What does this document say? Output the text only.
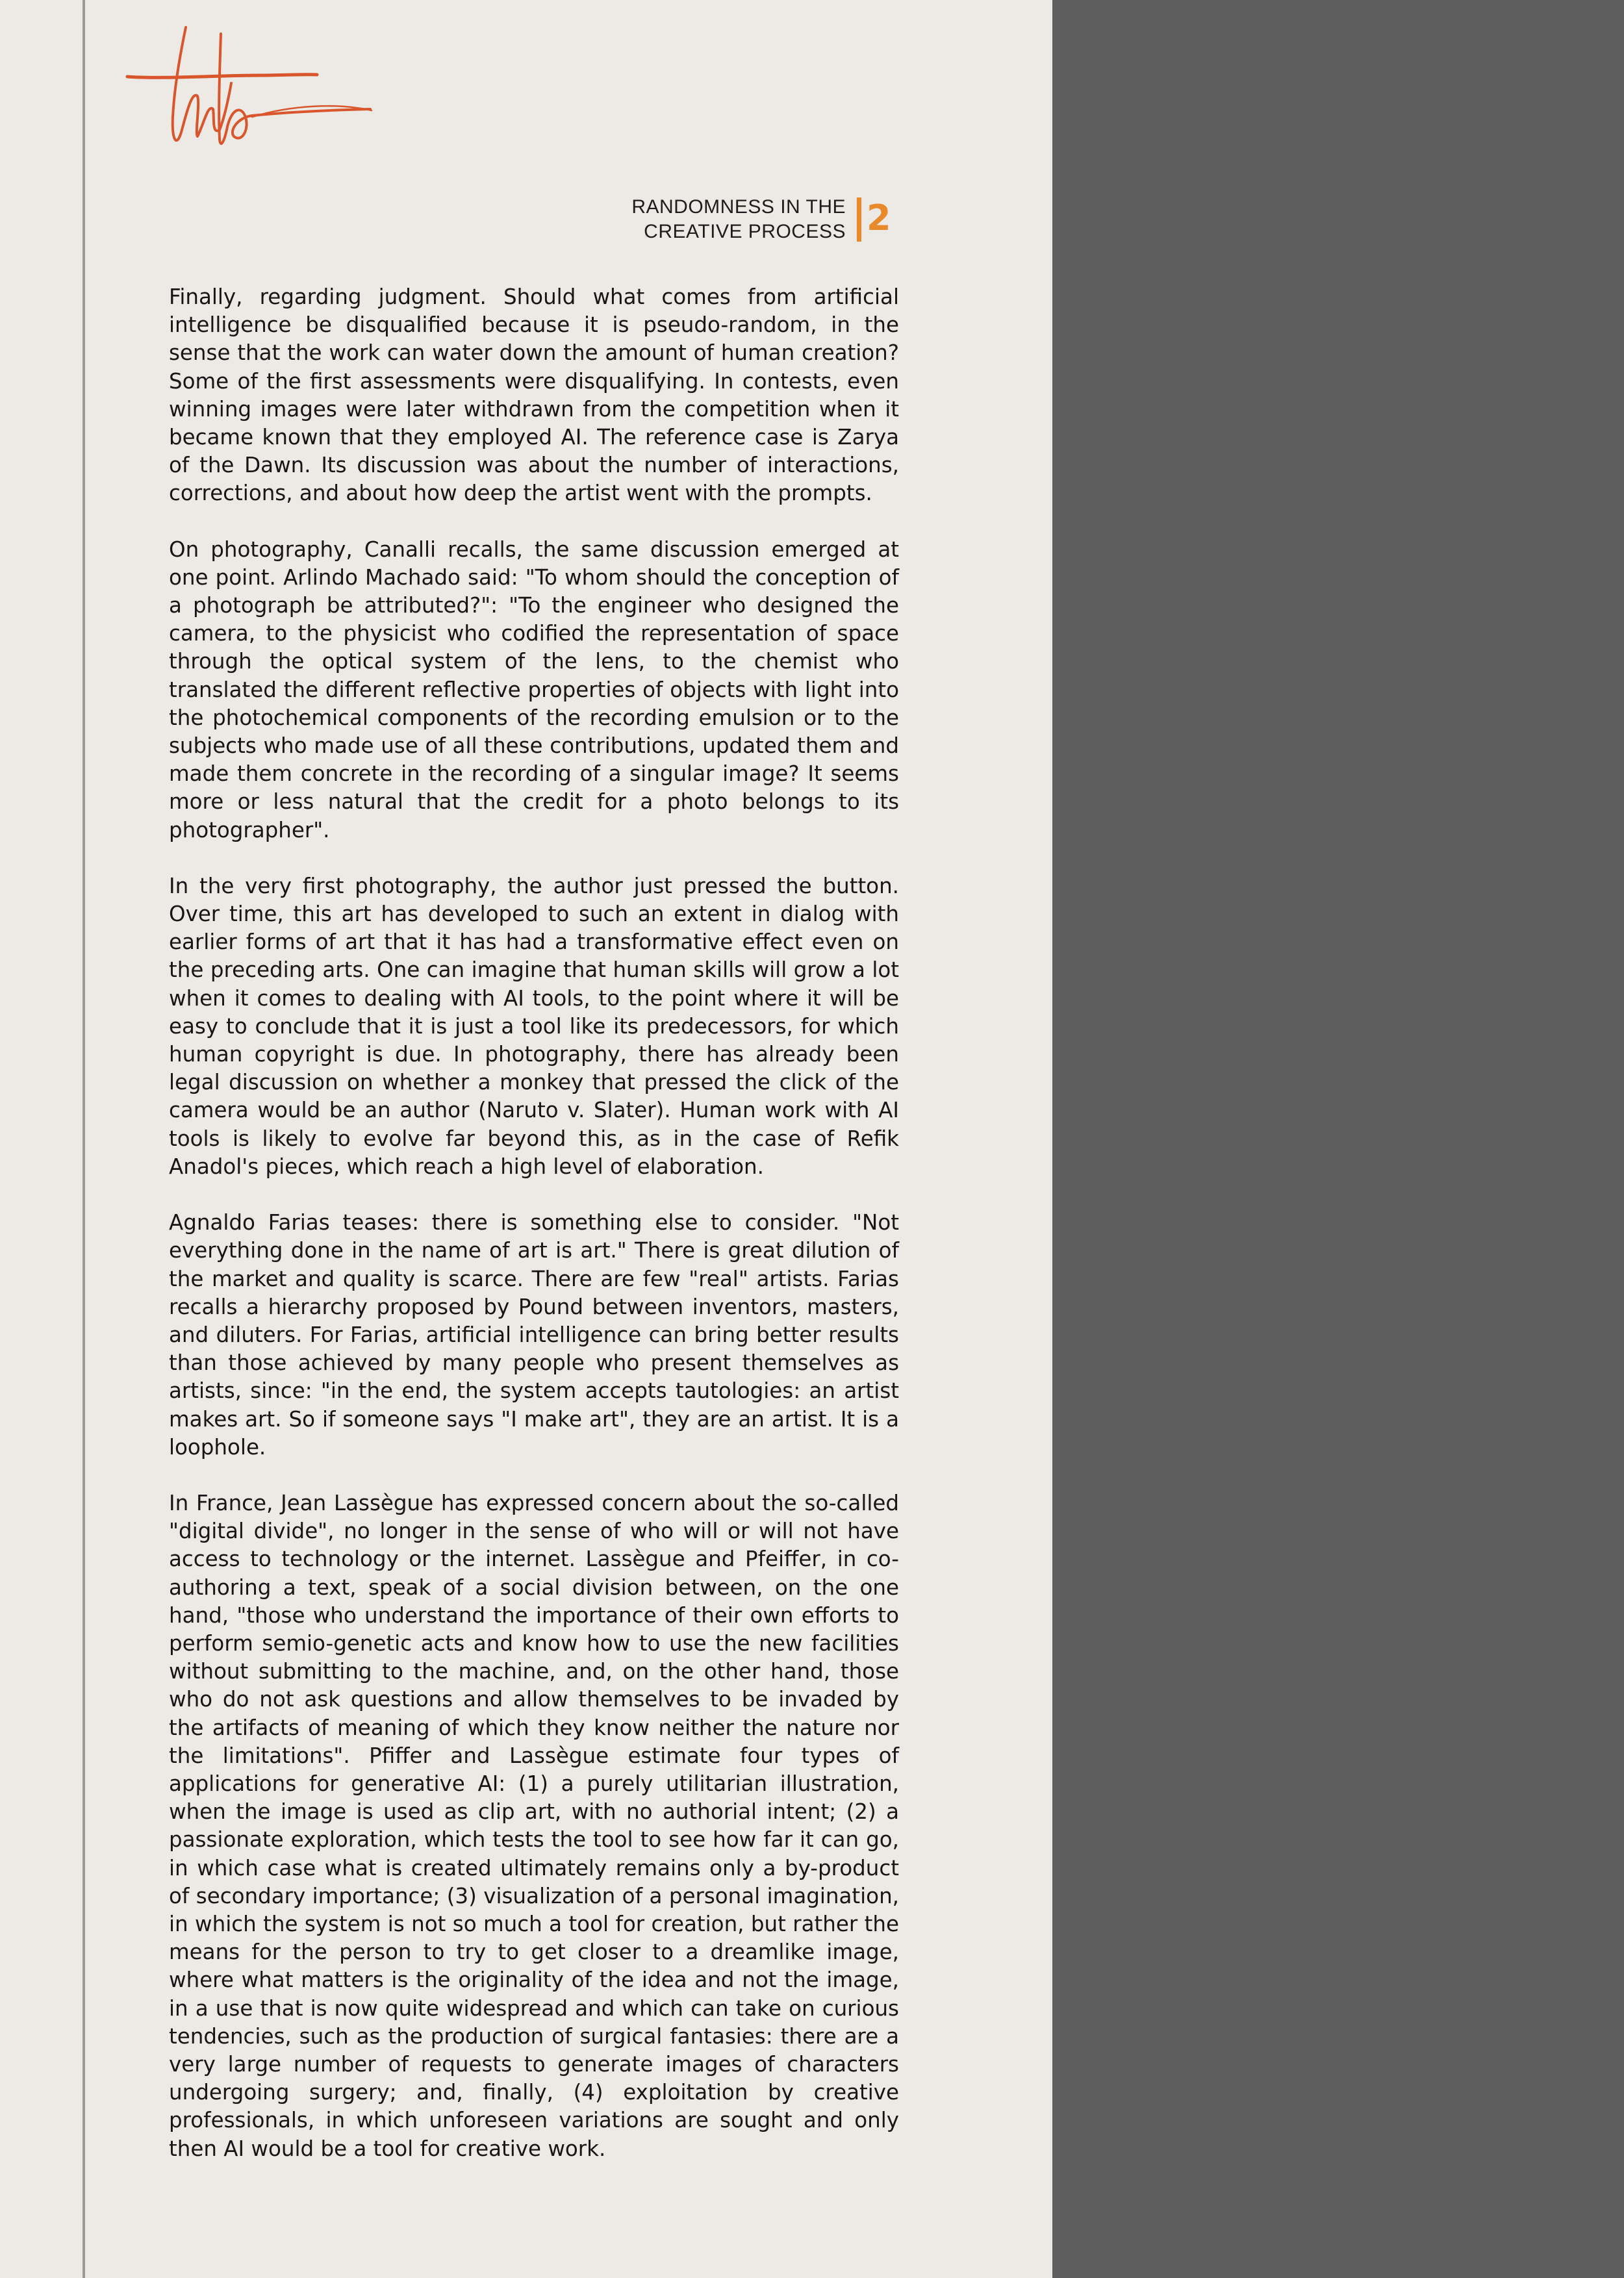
RANDOMNESS IN THE
CREATIVE PROCESS 2

Finally, regarding judgment. Should what comes from artificial intelligence be disqualified because it is pseudo-random, in the sense that the work can water down the amount of human creation? Some of the first assessments were disqualifying. In contests, even winning images were later withdrawn from the competition when it became known that they employed AI. The reference case is Zarya of the Dawn. Its discussion was about the number of interactions, corrections, and about how deep the artist went with the prompts.

On photography, Canalli recalls, the same discussion emerged at one point. Arlindo Machado said: "To whom should the conception of a photograph be attributed?": "To the engineer who designed the camera, to the physicist who codified the representation of space through the optical system of the lens, to the chemist who translated the different reflective properties of objects with light into the photochemical components of the recording emulsion or to the subjects who made use of all these contributions, updated them and made them concrete in the recording of a singular image? It seems more or less natural that the credit for a photo belongs to its photographer".

In the very first photography, the author just pressed the button. Over time, this art has developed to such an extent in dialog with earlier forms of art that it has had a transformative effect even on the preceding arts. One can imagine that human skills will grow a lot when it comes to dealing with AI tools, to the point where it will be easy to conclude that it is just a tool like its predecessors, for which human copyright is due. In photography, there has already been legal discussion on whether a monkey that pressed the click of the camera would be an author (Naruto v. Slater). Human work with AI tools is likely to evolve far beyond this, as in the case of Refik Anadol's pieces, which reach a high level of elaboration.

Agnaldo Farias teases: there is something else to consider. "Not everything done in the name of art is art." There is great dilution of the market and quality is scarce. There are few "real" artists. Farias recalls a hierarchy proposed by Pound between inventors, masters, and diluters. For Farias, artificial intelligence can bring better results than those achieved by many people who present themselves as artists, since: "in the end, the system accepts tautologies: an artist makes art. So if someone says "I make art", they are an artist. It is a loophole.

In France, Jean Lassègue has expressed concern about the so-called "digital divide", no longer in the sense of who will or will not have access to technology or the internet. Lassègue and Pfeiffer, in co-authoring a text, speak of a social division between, on the one hand, "those who understand the importance of their own efforts to perform semio-genetic acts and know how to use the new facilities without submitting to the machine, and, on the other hand, those who do not ask questions and allow themselves to be invaded by the artifacts of meaning of which they know neither the nature nor the limitations". Pfiffer and Lassègue estimate four types of applications for generative AI: (1) a purely utilitarian illustration, when the image is used as clip art, with no authorial intent; (2) a passionate exploration, which tests the tool to see how far it can go, in which case what is created ultimately remains only a by-product of secondary importance; (3) visualization of a personal imagination, in which the system is not so much a tool for creation, but rather the means for the person to try to get closer to a dreamlike image, where what matters is the originality of the idea and not the image, in a use that is now quite widespread and which can take on curious tendencies, such as the production of surgical fantasies: there are a very large number of requests to generate images of characters undergoing surgery; and, finally, (4) exploitation by creative professionals, in which unforeseen variations are sought and only then AI would be a tool for creative work.
